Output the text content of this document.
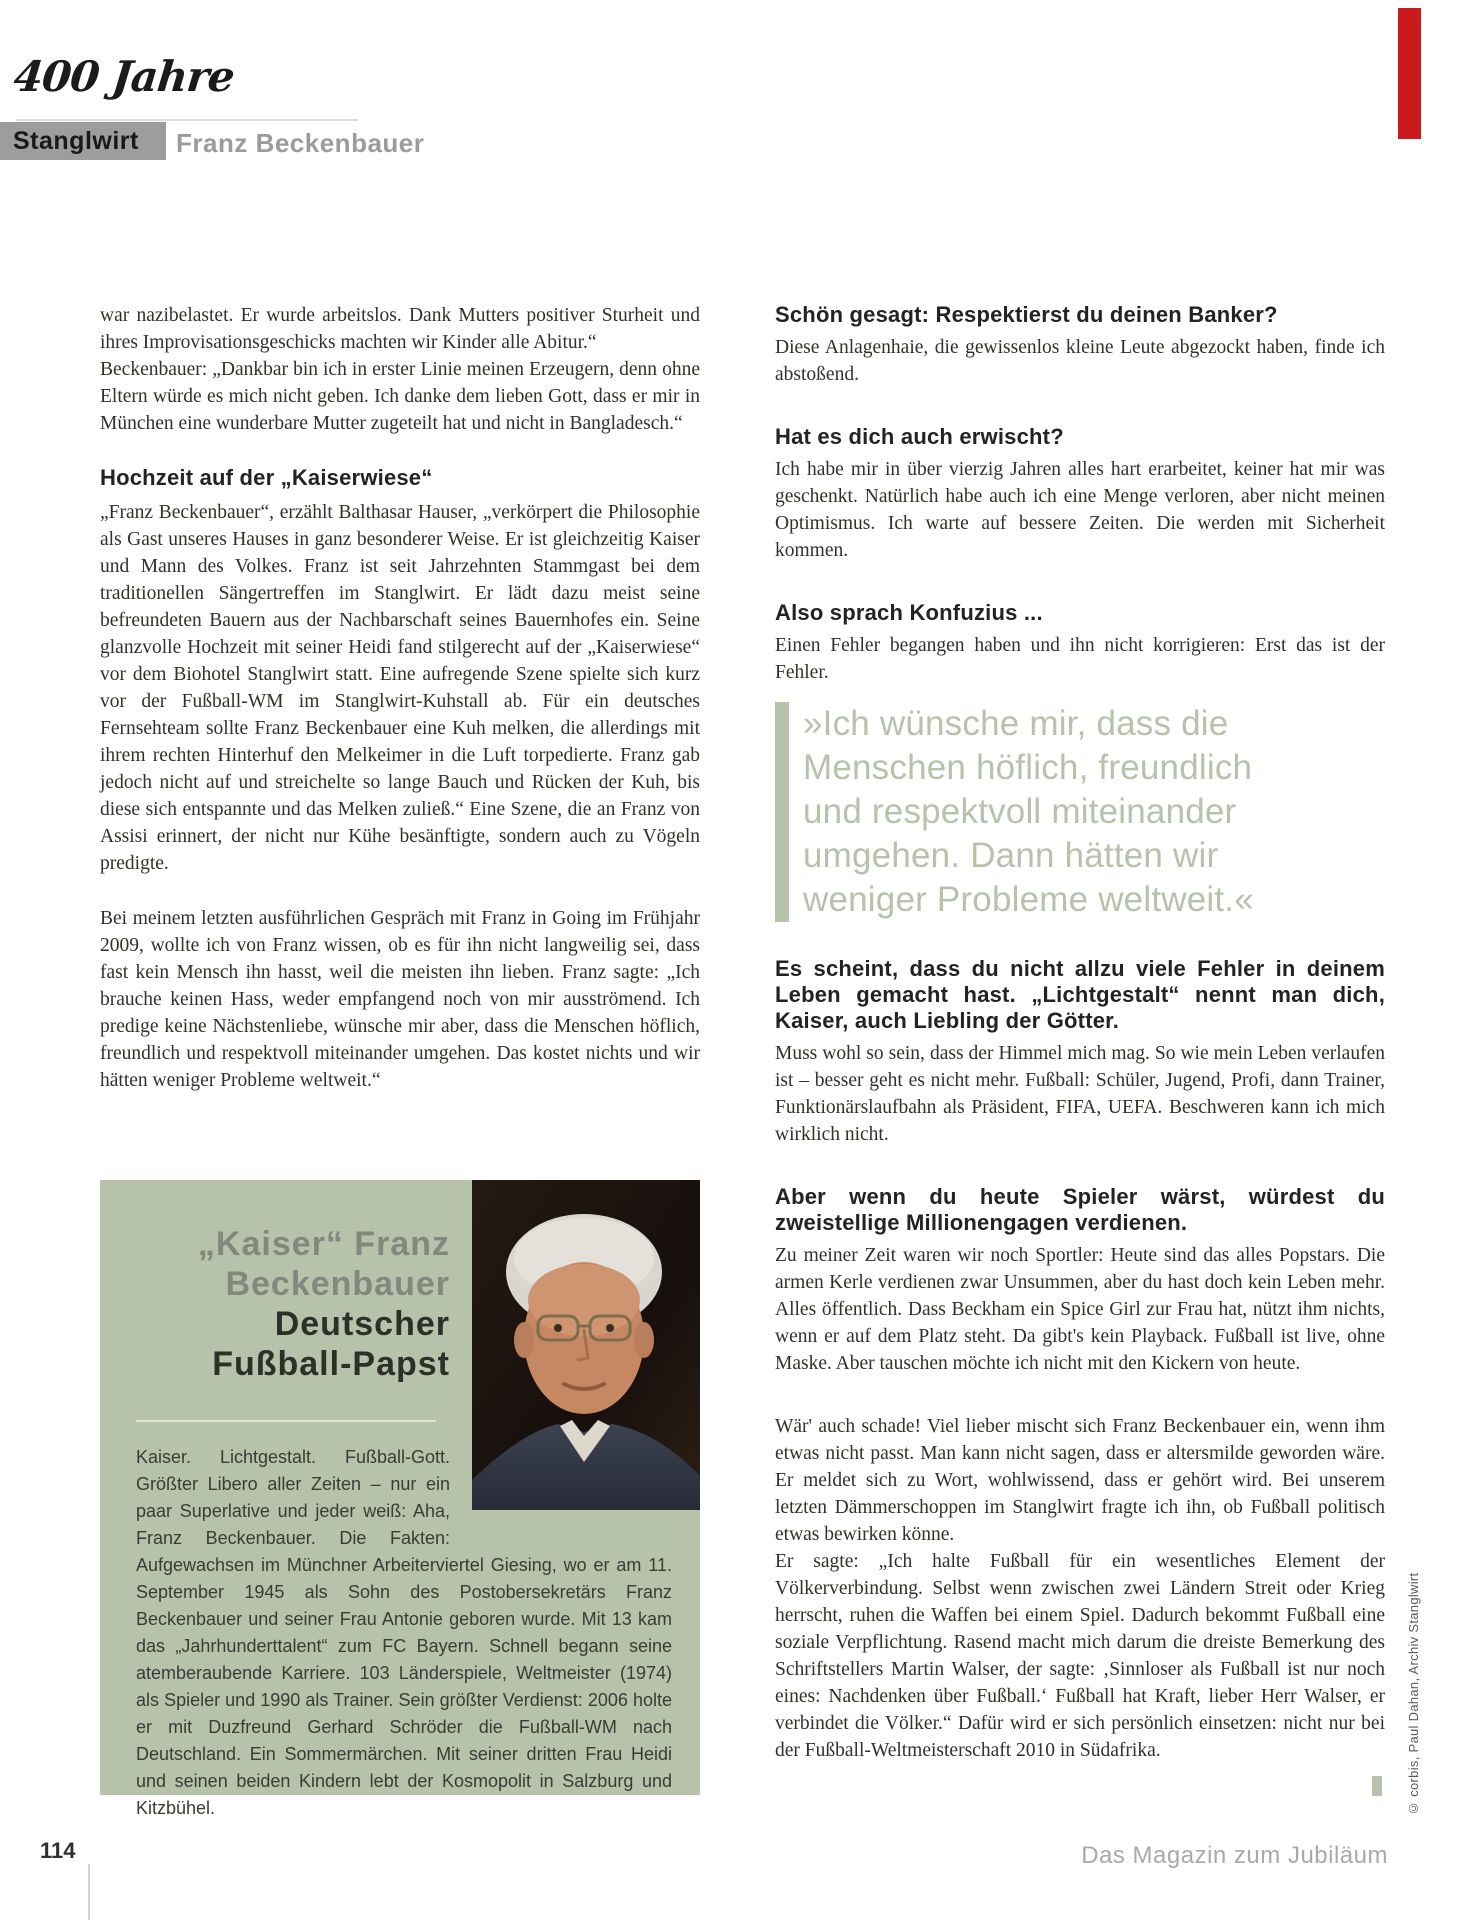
400 Jahre
Stanglwirt Franz Beckenbauer

war nazibelastet. Er wurde arbeitslos. Dank Mutters positiver Sturheit und ihres Improvisationsgeschicks machten wir Kinder alle Abitur.“

Beckenbauer: „Dankbar bin ich in erster Linie meinen Erzeugern, denn ohne Eltern würde es mich nicht geben. Ich danke dem lieben Gott, dass er mir in München eine wunderbare Mutter zugeteilt hat und nicht in Bangladesch.“

Hochzeit auf der „Kaiserwiese“

„Franz Beckenbauer“, erzählt Balthasar Hauser, „verkörpert die Philosophie als Gast unseres Hauses in ganz besonderer Weise. Er ist gleichzeitig Kaiser und Mann des Volkes. Franz ist seit Jahrzehnten Stammgast bei dem traditionellen Sängertreffen im Stanglwirt. Er lädt dazu meist seine befreundeten Bauern aus der Nachbarschaft seines Bauernhofes ein. Seine glanzvolle Hochzeit mit seiner Heidi fand stilgerecht auf der „Kaiserwiese“ vor dem Biohotel Stanglwirt statt. Eine aufregende Szene spielte sich kurz vor der Fußball-WM im Stanglwirt-Kuhstall ab. Für ein deutsches Fernsehteam sollte Franz Beckenbauer eine Kuh melken, die allerdings mit ihrem rechten Hinterhuf den Melkeimer in die Luft torpedierte. Franz gab jedoch nicht auf und streichelte so lange Bauch und Rücken der Kuh, bis diese sich entspannte und das Melken zuließ.“ Eine Szene, die an Franz von Assisi erinnert, der nicht nur Kühe besänftigte, sondern auch zu Vögeln predigte.

Bei meinem letzten ausführlichen Gespräch mit Franz in Going im Frühjahr 2009, wollte ich von Franz wissen, ob es für ihn nicht langweilig sei, dass fast kein Mensch ihn hasst, weil die meisten ihn lieben. Franz sagte: „Ich brauche keinen Hass, weder empfangend noch von mir ausströmend. Ich predige keine Nächstenliebe, wünsche mir aber, dass die Menschen höflich, freundlich und respektvoll miteinander umgehen. Das kostet nichts und wir hätten weniger Probleme weltweit.“

„Kaiser“ Franz
Beckenbauer
Deutscher
Fußball-Papst
Kaiser. Lichtgestalt. Fußball-Gott. Größter Libero aller Zeiten – nur ein paar Superlative und jeder weiß: Aha, Franz Beckenbauer. Die Fakten: Aufgewachsen im Münchner Arbeiterviertel Giesing, wo er am 11. September 1945 als Sohn des Postobersekretärs Franz Beckenbauer und seiner Frau Antonie geboren wurde. Mit 13 kam das „Jahrhunderttalent“ zum FC Bayern. Schnell begann seine atemberaubende Karriere. 103 Länderspiele, Weltmeister (1974) als Spieler und 1990 als Trainer. Sein größter Verdienst: 2006 holte er mit Duzfreund Gerhard Schröder die Fußball-WM nach Deutschland. Ein Sommermärchen. Mit seiner dritten Frau Heidi und seinen beiden Kindern lebt der Kosmopolit in Salzburg und Kitzbühel.
Schön gesagt: Respektierst du deinen Banker?

Diese Anlagenhaie, die gewissenlos kleine Leute abgezockt haben, finde ich abstoßend.

Hat es dich auch erwischt?

Ich habe mir in über vierzig Jahren alles hart erarbeitet, keiner hat mir was geschenkt. Natürlich habe auch ich eine Menge verloren, aber nicht meinen Optimismus. Ich warte auf bessere Zeiten. Die werden mit Sicherheit kommen.

Also sprach Konfuzius ...

Einen Fehler begangen haben und ihn nicht korrigieren: Erst das ist der Fehler.

»Ich wünsche mir, dass die Menschen höflich, freundlich und respektvoll miteinander umgehen. Dann hätten wir weniger Probleme weltweit.«
Es scheint, dass du nicht allzu viele Fehler in deinem Leben gemacht hast. „Lichtgestalt“ nennt man dich, Kaiser, auch Liebling der Götter.

Muss wohl so sein, dass der Himmel mich mag. So wie mein Leben verlaufen ist – besser geht es nicht mehr. Fußball: Schüler, Jugend, Profi, dann Trainer, Funktionärslaufbahn als Präsident, FIFA, UEFA. Beschweren kann ich mich wirklich nicht.

Aber wenn du heute Spieler wärst, würdest du zweistellige Millionengagen verdienen.

Zu meiner Zeit waren wir noch Sportler: Heute sind das alles Popstars. Die armen Kerle verdienen zwar Unsummen, aber du hast doch kein Leben mehr. Alles öffentlich. Dass Beckham ein Spice Girl zur Frau hat, nützt ihm nichts, wenn er auf dem Platz steht. Da gibt's kein Playback. Fußball ist live, ohne Maske. Aber tauschen möchte ich nicht mit den Kickern von heute.

Wär' auch schade! Viel lieber mischt sich Franz Beckenbauer ein, wenn ihm etwas nicht passt. Man kann nicht sagen, dass er altersmilde geworden wäre. Er meldet sich zu Wort, wohlwissend, dass er gehört wird. Bei unserem letzten Dämmerschoppen im Stanglwirt fragte ich ihn, ob Fußball politisch etwas bewirken könne.

Er sagte: „Ich halte Fußball für ein wesentliches Element der Völkerverbindung. Selbst wenn zwischen zwei Ländern Streit oder Krieg herrscht, ruhen die Waffen bei einem Spiel. Dadurch bekommt Fußball eine soziale Verpflichtung. Rasend macht mich darum die dreiste Bemerkung des Schriftstellers Martin Walser, der sagte: ‚Sinnloser als Fußball ist nur noch eines: Nachdenken über Fußball.‘ Fußball hat Kraft, lieber Herr Walser, er verbindet die Völker.“ Dafür wird er sich persönlich einsetzen: nicht nur bei der Fußball-Weltmeisterschaft 2010 in Südafrika.

114	Das Magazin zum Jubiläum
© corbis, Paul Dahan, Archiv Stanglwirt
